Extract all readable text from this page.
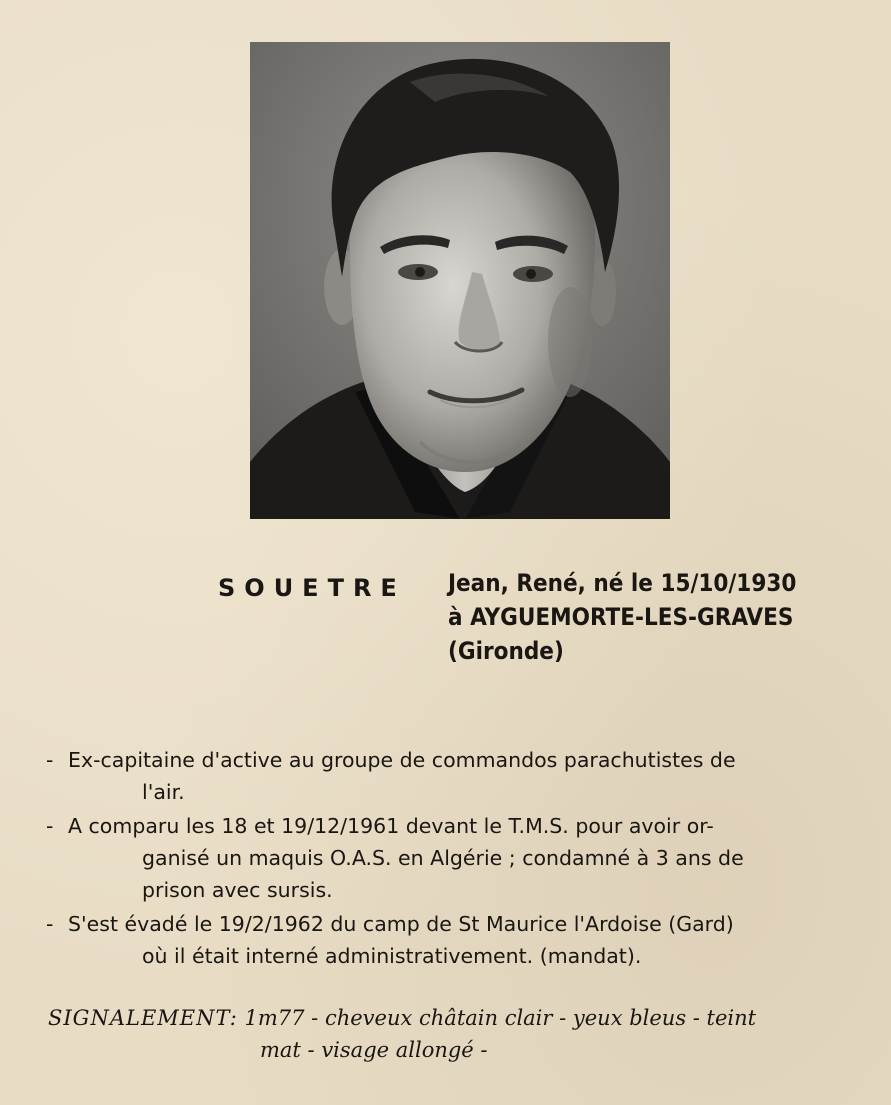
SOUETRE Jean, René, né le 15/10/1930
à AYGUEMORTE-LES-GRAVES
(Gironde)
- Ex-capitaine d'active au groupe de commandos parachutistes de
l'air.
- A comparu les 18 et 19/12/1961 devant le T.M.S. pour avoir or-
ganisé un maquis O.A.S. en Algérie ; condamné à 3 ans de
prison avec sursis.
- S'est évadé le 19/2/1962 du camp de St Maurice l'Ardoise (Gard)
où il était interné administrativement. (mandat).
SIGNALEMENT: 1m77 - cheveux châtain clair - yeux bleus - teint
mat - visage allongé -
